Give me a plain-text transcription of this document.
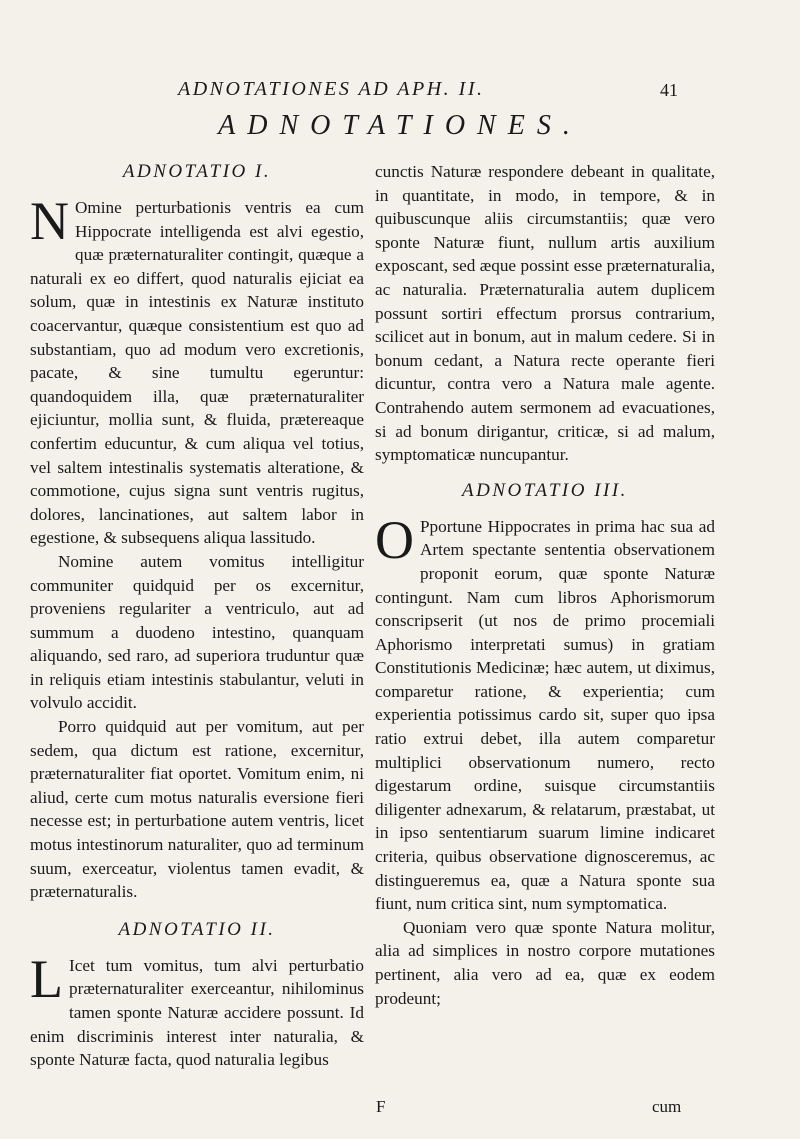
ADNOTATIONES AD APH. II.	41
ADNOTATIONES.
ADNOTATIO I.

N Omine perturbationis ventris ea cum Hippocrate intelligenda est alvi egestio, quæ præternaturaliter contingit, quæque a naturali ex eo differt, quod naturalis ejiciat ea solum, quæ in intestinis ex Naturæ instituto coacervantur, quæque consistentium est quo ad substantiam, quo ad modum vero excretionis, pacate, & sine tumultu egeruntur: quandoquidem illa, quæ præternaturaliter ejiciuntur, mollia sunt, & fluida, prætereaque confertim educuntur, & cum aliqua vel totius, vel saltem intestinalis systematis alteratione, & commotione, cujus signa sunt ventris rugitus, dolores, lancinationes, aut saltem labor in egestione, & subsequens aliqua lassitudo.

Nomine autem vomitus intelligitur communiter quidquid per os excernitur, proveniens regulariter a ventriculo, aut ad summum a duodeno intestino, quanquam aliquando, sed raro, ad superiora truduntur quæ in reliquis etiam intestinis stabulantur, veluti in volvulo accidit.

Porro quidquid aut per vomitum, aut per sedem, qua dictum est ratione, excernitur, præternaturaliter fiat oportet. Vomitum enim, ni aliud, certe cum motus naturalis eversione fieri necesse est; in perturbatione autem ventris, licet motus intestinorum naturaliter, quo ad terminum suum, exerceatur, violentus tamen evadit, & præternaturalis.

ADNOTATIO II.

L Icet tum vomitus, tum alvi perturbatio præternaturaliter exerceantur, nihilominus tamen sponte Naturæ accidere possunt. Id enim discriminis interest inter naturalia, & sponte Naturæ facta, quod naturalia legibus

cunctis Naturæ respondere debeant in qualitate, in quantitate, in modo, in tempore, & in quibuscunque aliis circumstantiis; quæ vero sponte Naturæ fiunt, nullum artis auxilium exposcant, sed æque possint esse præternaturalia, ac naturalia. Præternaturalia autem duplicem possunt sortiri effectum prorsus contrarium, scilicet aut in bonum, aut in malum cedere. Si in bonum cedant, a Natura recte operante fieri dicuntur, contra vero a Natura male agente. Contrahendo autem sermonem ad evacuationes, si ad bonum dirigantur, criticæ, si ad malum, symptomaticæ nuncupantur.

ADNOTATIO III.

O Pportune Hippocrates in prima hac sua ad Artem spectante sententia observationem proponit eorum, quæ sponte Naturæ contingunt. Nam cum libros Aphorismorum conscripserit (ut nos de primo procemiali Aphorismo interpretati sumus) in gratiam Constitutionis Medicinæ; hæc autem, ut diximus, comparetur ratione, & experientia; cum experientia potissimus cardo sit, super quo ipsa ratio extrui debet, illa autem comparetur multiplici observationum numero, recto digestarum ordine, suisque circumstantiis diligenter adnexarum, & relatarum, præstabat, ut in ipso sententiarum suarum limine indicaret criteria, quibus observatione dignosceremus, ac distingueremus ea, quæ a Natura sponte sua fiunt, num critica sint, num symptomatica.

Quoniam vero quæ sponte Natura molitur, alia ad simplices in nostro corpore mutationes pertinent, alia vero ad ea, quæ ex eodem prodeunt;

F	cum
